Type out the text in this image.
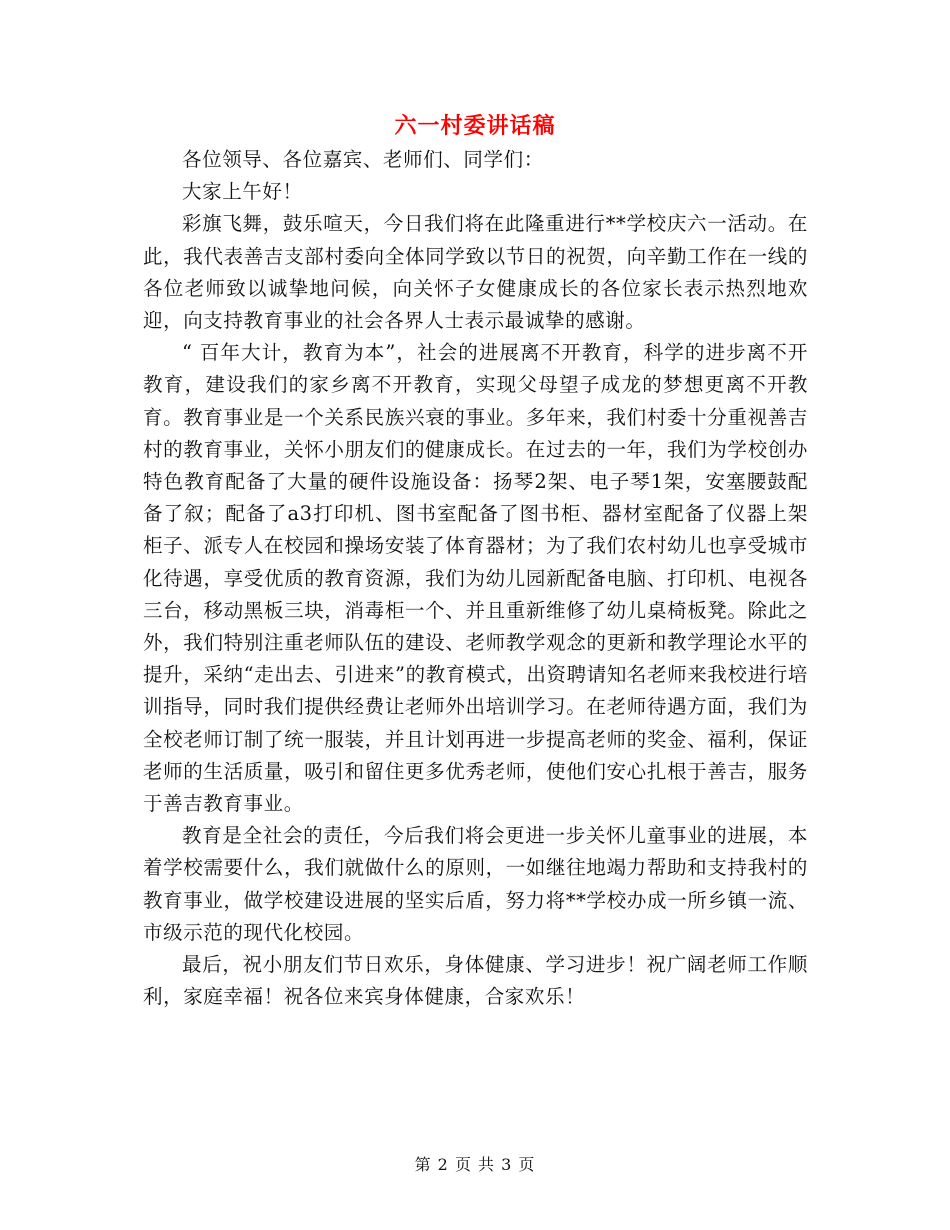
六一村委讲话稿

各位领导、各位嘉宾、老师们、同学们：

大家上午好！

彩旗飞舞，鼓乐喧天，今日我们将在此隆重进行**学校庆六一活动。在此，我代表善吉支部村委向全体同学致以节日的祝贺，向辛勤工作在一线的各位老师致以诚挚地问候，向关怀子女健康成长的各位家长表示热烈地欢迎，向支持教育事业的社会各界人士表示最诚挚的感谢。

“ 百年大计，教育为本”，社会的进展离不开教育，科学的进步离不开教育，建设我们的家乡离不开教育，实现父母望子成龙的梦想更离不开教育。教育事业是一个关系民族兴衰的事业。多年来，我们村委十分重视善吉村的教育事业，关怀小朋友们的健康成长。在过去的一年，我们为学校创办特色教育配备了大量的硬件设施设备：扬琴2架、电子琴1架，安塞腰鼓配备了叙；配备了a3打印机、图书室配备了图书柜、器材室配备了仪器上架柜子、派专人在校园和操场安装了体育器材；为了我们农村幼儿也享受城市化待遇，享受优质的教育资源，我们为幼儿园新配备电脑、打印机、电视各三台，移动黑板三块，消毒柜一个、并且重新维修了幼儿桌椅板凳。除此之外，我们特别注重老师队伍的建设、老师教学观念的更新和教学理论水平的提升，采纳“走出去、引进来”的教育模式，出资聘请知名老师来我校进行培训指导，同时我们提供经费让老师外出培训学习。在老师待遇方面，我们为全校老师订制了统一服装，并且计划再进一步提高老师的奖金、福利，保证老师的生活质量，吸引和留住更多优秀老师，使他们安心扎根于善吉，服务于善吉教育事业。

教育是全社会的责任，今后我们将会更进一步关怀儿童事业的进展，本着学校需要什么，我们就做什么的原则，一如继往地竭力帮助和支持我村的教育事业，做学校建设进展的坚实后盾，努力将**学校办成一所乡镇一流、市级示范的现代化校园。

最后，祝小朋友们节日欢乐，身体健康、学习进步！祝广阔老师工作顺利，家庭幸福！祝各位来宾身体健康，合家欢乐！

第 2 页 共 3 页
